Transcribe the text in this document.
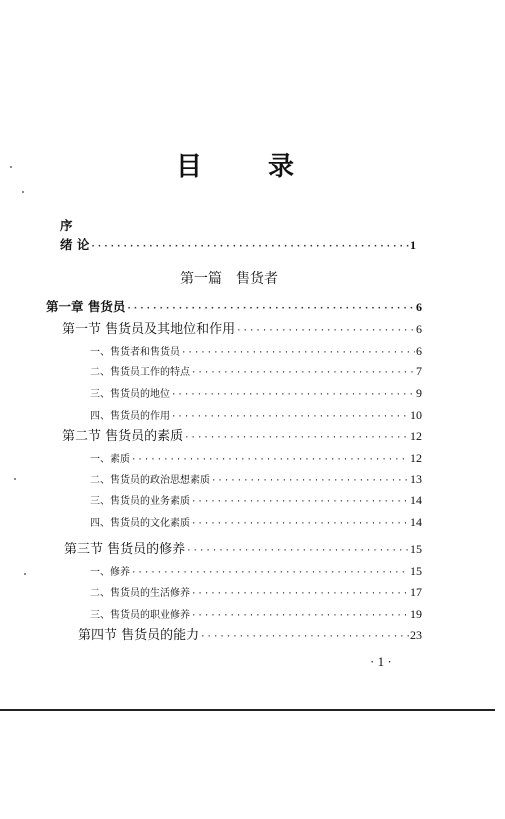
目	录
序
绪 论 ·····	1
第一篇 售货者
第一章 售货员 ·····	6
第一节 售货员及其地位和作用 ·····	6
一、售货者和售货员 ·····	6
二、售货员工作的特点 ·····	7
三、售货员的地位 ·····	9
四、售货员的作用 ·····	10
第二节 售货员的素质 ·····	12
一、素质 ·····	12
二、售货员的政治思想素质 ·····	13
三、售货员的业务素质 ·····	14
四、售货员的文化素质 ·····	14
第三节 售货员的修养 ·····	15
一、修养 ·····	15
二、售货员的生活修养 ·····	17
三、售货员的职业修养 ·····	19
第四节 售货员的能力 ·····	23
· 1 ·
